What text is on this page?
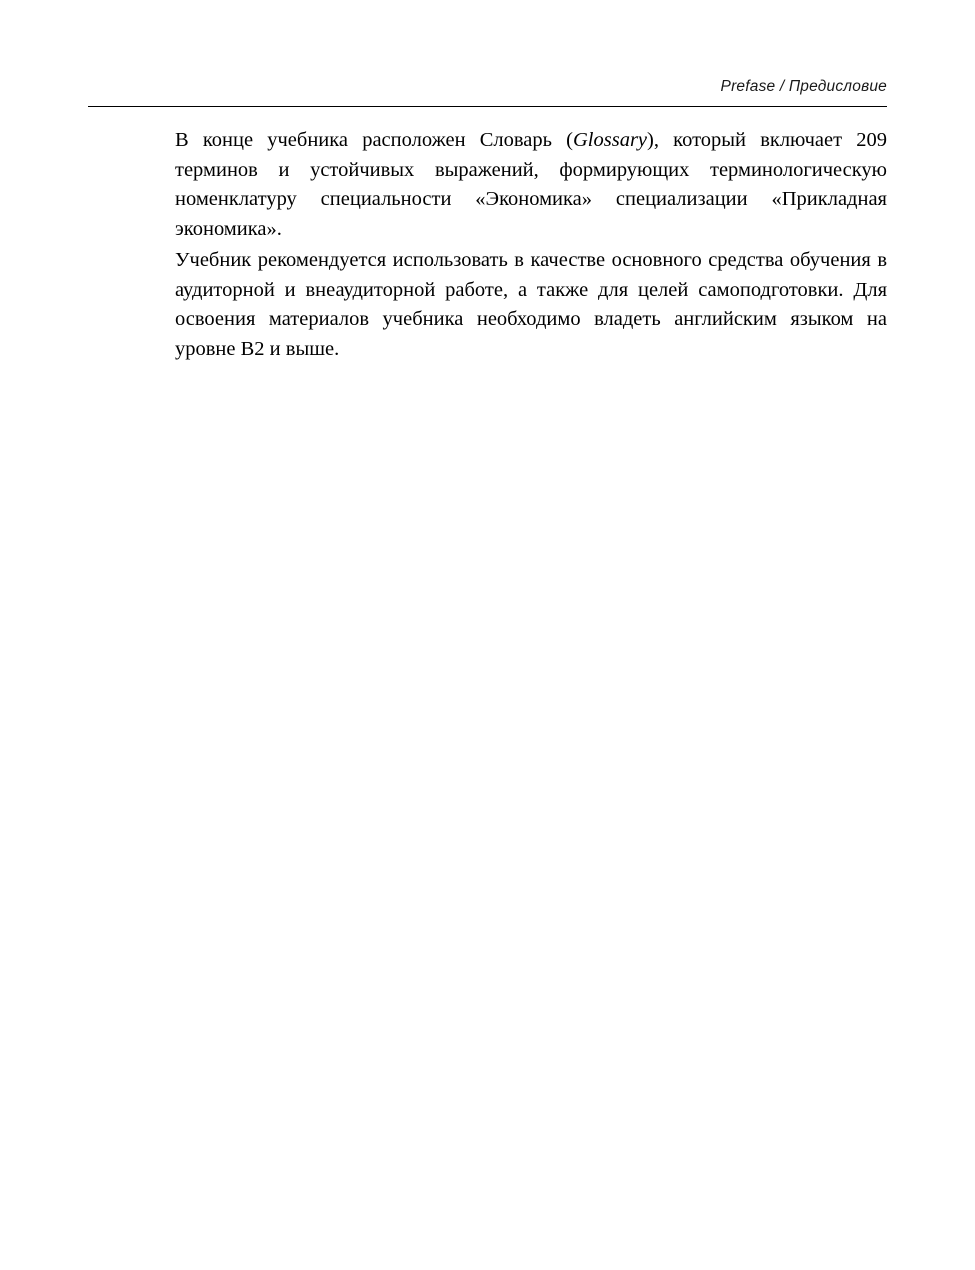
Prefase / Предисловие

В конце учебника расположен Словарь (Glossary), который включает 209 терминов и устойчивых выражений, формирующих терминологическую номенклатуру специальности «Экономика» специализации «Прикладная экономика».

Учебник рекомендуется использовать в качестве основного средства обучения в аудиторной и внеаудиторной работе, а также для целей самоподготовки. Для освоения материалов учебника необходимо владеть английским языком на уровне В2 и выше.
